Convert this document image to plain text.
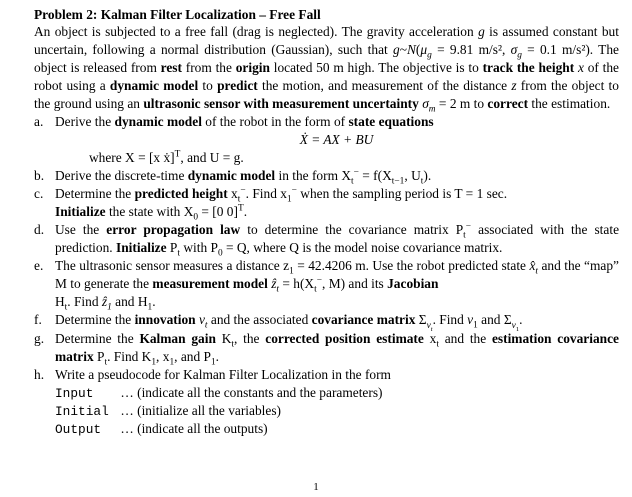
Problem 2: Kalman Filter Localization – Free Fall
An object is subjected to a free fall (drag is neglected). The gravity acceleration g is assumed constant but uncertain, following a normal distribution (Gaussian), such that $g\sim N(\mu_g = 9.81$ m/s², $\sigma_g = 0.1$ m/s²). The object is released from rest from the origin located 50 m high. The objective is to track the height x of the robot using a dynamic model to predict the motion, and measurement of the distance z from the object to the ground using an ultrasonic sensor with measurement uncertainty $\sigma_m = 2$ m to correct the estimation.
a. Derive the dynamic model of the robot in the form of state equations
Ẋ = AX + BU
where X = [x ẋ]$^T$, and U = g.
b. Derive the discrete-time dynamic model in the form $X_t^- = f(X_{t-1}$, $U_t$).
c. Determine the predicted height $x_t^-$. Find $x_1^-$ when the sampling period is T = 1 sec.
Initialize the state with $X_0 = [0$ 0]$^T$.
d. Use the error propagation law to determine the covariance matrix $P_t^-$ associated with the state prediction. Initialize $P_t$ with $P_0 = Q$, where Q is the model noise covariance matrix.
e. The ultrasonic sensor measures a distance $z_1 = 42.4206$ m. Use the robot predicted state $x̂_t$ and the “map” M to generate the measurement model ẑ$_t$ = $h(X_t^-$, M) and its Jacobian
$H_t$. Find ẑ$_1$ and $H_1$.
f. Determine the innovation $v_t$ and the associated covariance matrix $\Sigma_{v_t}$. Find $v_1$ and $\Sigma_{v_1}$.
g. Determine the Kalman gain $K_t$, the corrected position estimate $x_t$ and the estimation covariance matrix $P_t$. Find $K_1$, $x_1$, and $P_1$.
h. Write a pseudocode for Kalman Filter Localization in the form
Input … (indicate all the constants and the parameters)
Initial … (initialize all the variables)
Output … (indicate all the outputs)
1
